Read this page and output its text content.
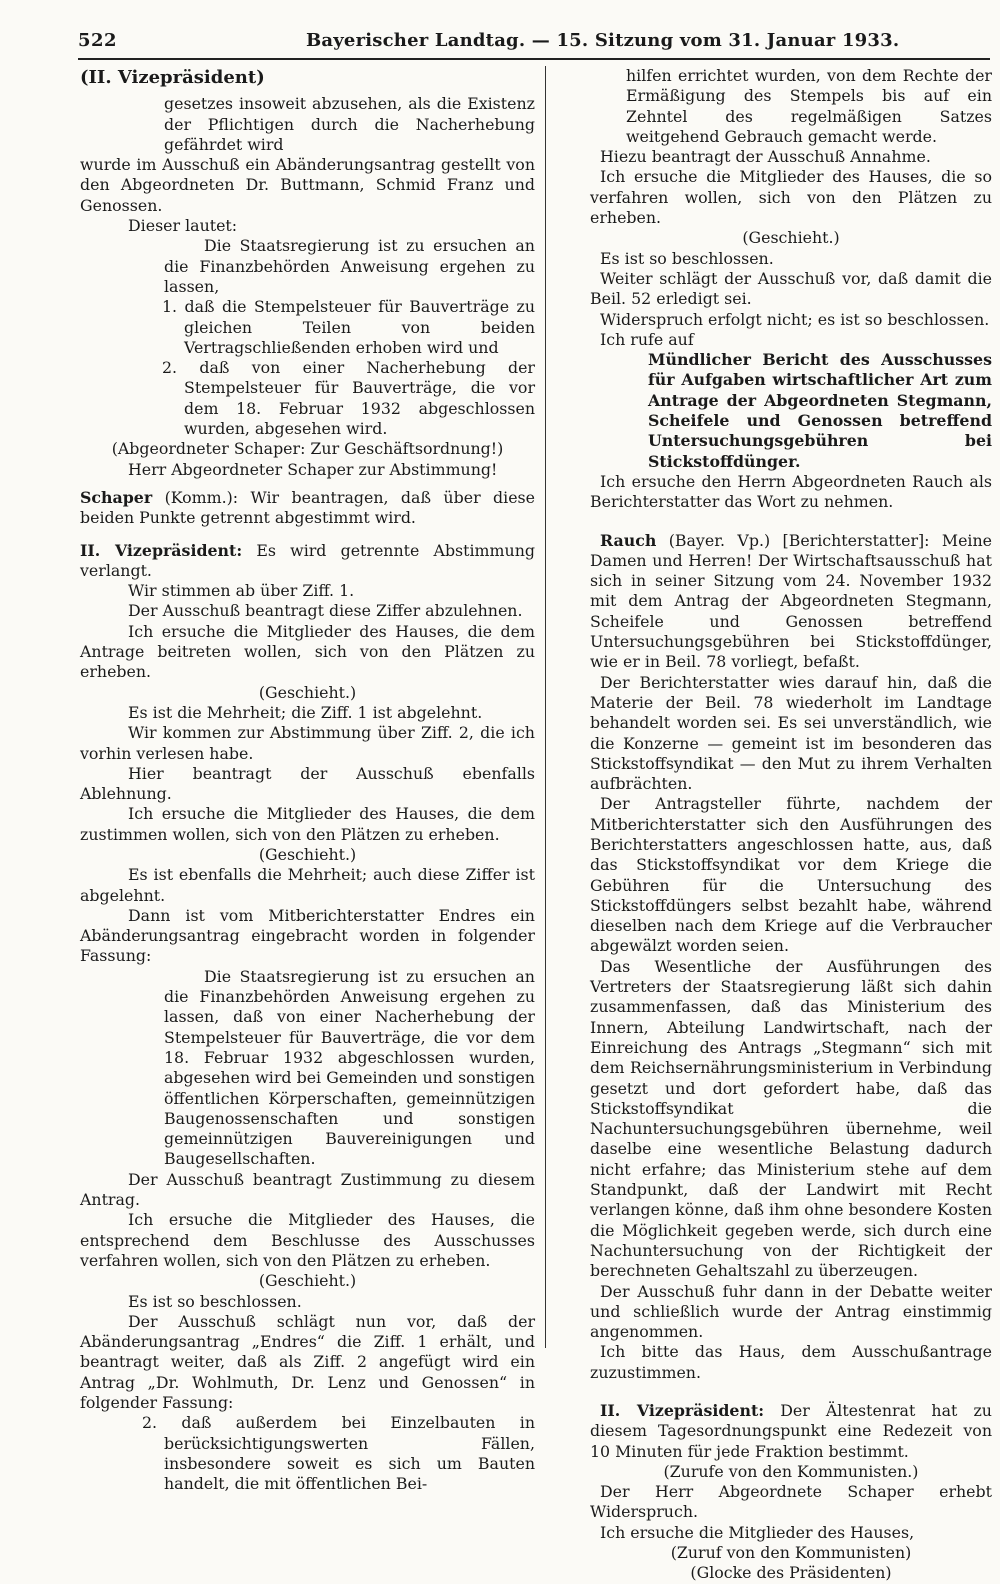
522	Bayerischer Landtag. — 15. Sitzung vom 31. Januar 1933.

(II. Vizepräsident)

gesetzes insoweit abzusehen, als die Existenz der Pflichtigen durch die Nacherhebung gefährdet wird

wurde im Ausschuß ein Abänderungsantrag gestellt von den Abgeordneten Dr. Buttmann, Schmid Franz und Genossen.

Dieser lautet:

Die Staatsregierung ist zu ersuchen an die Finanzbehörden Anweisung ergehen zu lassen,

1. daß die Stempelsteuer für Bauverträge zu gleichen Teilen von beiden Vertragschließenden erhoben wird und

2. daß von einer Nacherhebung der Stempelsteuer für Bauverträge, die vor dem 18. Februar 1932 abgeschlossen wurden, abgesehen wird.

(Abgeordneter Schaper: Zur Geschäftsordnung!)

Herr Abgeordneter Schaper zur Abstimmung!

Schaper (Komm.): Wir beantragen, daß über diese beiden Punkte getrennt abgestimmt wird.

II. Vizepräsident: Es wird getrennte Abstimmung verlangt.

Wir stimmen ab über Ziff. 1.

Der Ausschuß beantragt diese Ziffer abzulehnen.

Ich ersuche die Mitglieder des Hauses, die dem Antrage beitreten wollen, sich von den Plätzen zu erheben.

(Geschieht.)

Es ist die Mehrheit; die Ziff. 1 ist abgelehnt.

Wir kommen zur Abstimmung über Ziff. 2, die ich vorhin verlesen habe.

Hier beantragt der Ausschuß ebenfalls Ablehnung.

Ich ersuche die Mitglieder des Hauses, die dem zustimmen wollen, sich von den Plätzen zu erheben.

(Geschieht.)

Es ist ebenfalls die Mehrheit; auch diese Ziffer ist abgelehnt.

Dann ist vom Mitberichterstatter Endres ein Abänderungsantrag eingebracht worden in folgender Fassung:

Die Staatsregierung ist zu ersuchen an die Finanzbehörden Anweisung ergehen zu lassen, daß von einer Nacherhebung der Stempelsteuer für Bauverträge, die vor dem 18. Februar 1932 abgeschlossen wurden, abgesehen wird bei Gemeinden und sonstigen öffentlichen Körperschaften, gemeinnützigen Baugenossenschaften und sonstigen gemeinnützigen Bauvereinigungen und Baugesellschaften.

Der Ausschuß beantragt Zustimmung zu diesem Antrag.

Ich ersuche die Mitglieder des Hauses, die entsprechend dem Beschlusse des Ausschusses verfahren wollen, sich von den Plätzen zu erheben.

(Geschieht.)

Es ist so beschlossen.

Der Ausschuß schlägt nun vor, daß der Abänderungsantrag „Endres“ die Ziff. 1 erhält, und beantragt weiter, daß als Ziff. 2 angefügt wird ein Antrag „Dr. Wohlmuth, Dr. Lenz und Genossen“ in folgender Fassung:

2. daß außerdem bei Einzelbauten in berücksichtigungswerten Fällen, insbesondere soweit es sich um Bauten handelt, die mit öffentlichen Bei-

hilfen errichtet wurden, von dem Rechte der Ermäßigung des Stempels bis auf ein Zehntel des regelmäßigen Satzes weitgehend Gebrauch gemacht werde.

Hiezu beantragt der Ausschuß Annahme.

Ich ersuche die Mitglieder des Hauses, die so verfahren wollen, sich von den Plätzen zu erheben.

(Geschieht.)

Es ist so beschlossen.

Weiter schlägt der Ausschuß vor, daß damit die Beil. 52 erledigt sei.

Widerspruch erfolgt nicht; es ist so beschlossen.

Ich rufe auf

Mündlicher Bericht des Ausschusses für Aufgaben wirtschaftlicher Art zum Antrage der Abgeordneten Stegmann, Scheifele und Genossen betreffend Untersuchungsgebühren bei Stickstoffdünger.

Ich ersuche den Herrn Abgeordneten Rauch als Berichterstatter das Wort zu nehmen.

Rauch (Bayer. Vp.) [Berichterstatter]: Meine Damen und Herren! Der Wirtschaftsausschuß hat sich in seiner Sitzung vom 24. November 1932 mit dem Antrag der Abgeordneten Stegmann, Scheifele und Genossen betreffend Untersuchungsgebühren bei Stickstoffdünger, wie er in Beil. 78 vorliegt, befaßt.

Der Berichterstatter wies darauf hin, daß die Materie der Beil. 78 wiederholt im Landtage behandelt worden sei. Es sei unverständlich, wie die Konzerne — gemeint ist im besonderen das Stickstoffsyndikat — den Mut zu ihrem Verhalten aufbrächten.

Der Antragsteller führte, nachdem der Mitberichterstatter sich den Ausführungen des Berichterstatters angeschlossen hatte, aus, daß das Stickstoffsyndikat vor dem Kriege die Gebühren für die Untersuchung des Stickstoffdüngers selbst bezahlt habe, während dieselben nach dem Kriege auf die Verbraucher abgewälzt worden seien.

Das Wesentliche der Ausführungen des Vertreters der Staatsregierung läßt sich dahin zusammenfassen, daß das Ministerium des Innern, Abteilung Landwirtschaft, nach der Einreichung des Antrags „Stegmann“ sich mit dem Reichsernährungsministerium in Verbindung gesetzt und dort gefordert habe, daß das Stickstoffsyndikat die Nachuntersuchungsgebühren übernehme, weil daselbe eine wesentliche Belastung dadurch nicht erfahre; das Ministerium stehe auf dem Standpunkt, daß der Landwirt mit Recht verlangen könne, daß ihm ohne besondere Kosten die Möglichkeit gegeben werde, sich durch eine Nachuntersuchung von der Richtigkeit der berechneten Gehaltszahl zu überzeugen.

Der Ausschuß fuhr dann in der Debatte weiter und schließlich wurde der Antrag einstimmig angenommen.

Ich bitte das Haus, dem Ausschußantrage zuzustimmen.

II. Vizepräsident: Der Ältestenrat hat zu diesem Tagesordnungspunkt eine Redezeit von 10 Minuten für jede Fraktion bestimmt.

(Zurufe von den Kommunisten.)

Der Herr Abgeordnete Schaper erhebt Widerspruch.

Ich ersuche die Mitglieder des Hauses,

(Zuruf von den Kommunisten)

(Glocke des Präsidenten)
